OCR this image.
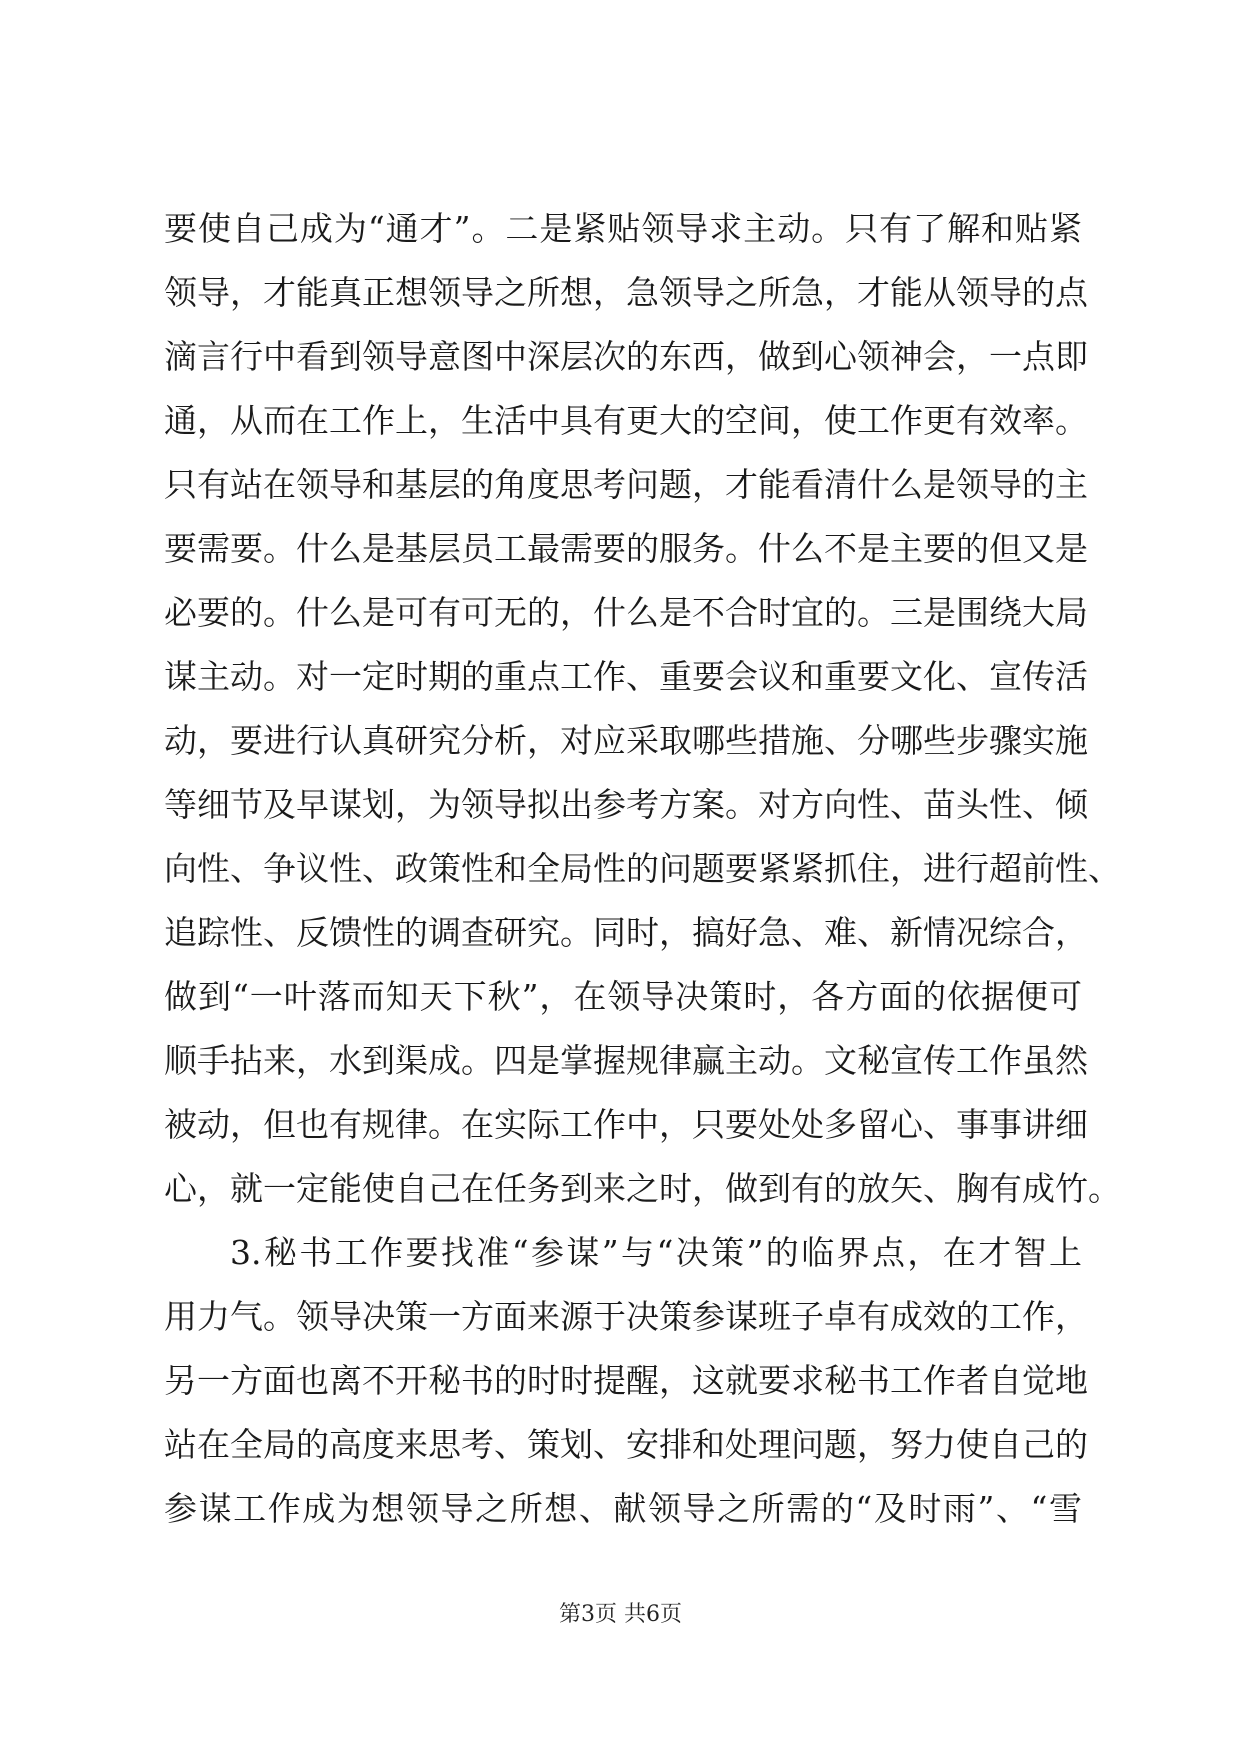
要使自己成为“通才”。二是紧贴领导求主动。只有了解和贴紧
领导，才能真正想领导之所想，急领导之所急，才能从领导的点
滴言行中看到领导意图中深层次的东西，做到心领神会，一点即
通，从而在工作上，生活中具有更大的空间，使工作更有效率。
只有站在领导和基层的角度思考问题，才能看清什么是领导的主
要需要。什么是基层员工最需要的服务。什么不是主要的但又是
必要的。什么是可有可无的，什么是不合时宜的。三是围绕大局
谋主动。对一定时期的重点工作、重要会议和重要文化、宣传活
动，要进行认真研究分析，对应采取哪些措施、分哪些步骤实施
等细节及早谋划，为领导拟出参考方案。对方向性、苗头性、倾
向性、争议性、政策性和全局性的问题要紧紧抓住，进行超前性、
追踪性、反馈性的调查研究。同时，搞好急、难、新情况综合，
做到“一叶落而知天下秋”，在领导决策时，各方面的依据便可
顺手拈来，水到渠成。四是掌握规律赢主动。文秘宣传工作虽然
被动，但也有规律。在实际工作中，只要处处多留心、事事讲细
心，就一定能使自己在任务到来之时，做到有的放矢、胸有成竹。
3.秘书工作要找准“参谋”与“决策”的临界点，在才智上
用力气。领导决策一方面来源于决策参谋班子卓有成效的工作，
另一方面也离不开秘书的时时提醒，这就要求秘书工作者自觉地
站在全局的高度来思考、策划、安排和处理问题，努力使自己的
参谋工作成为想领导之所想、献领导之所需的“及时雨”、“雪
第3页 共6页
